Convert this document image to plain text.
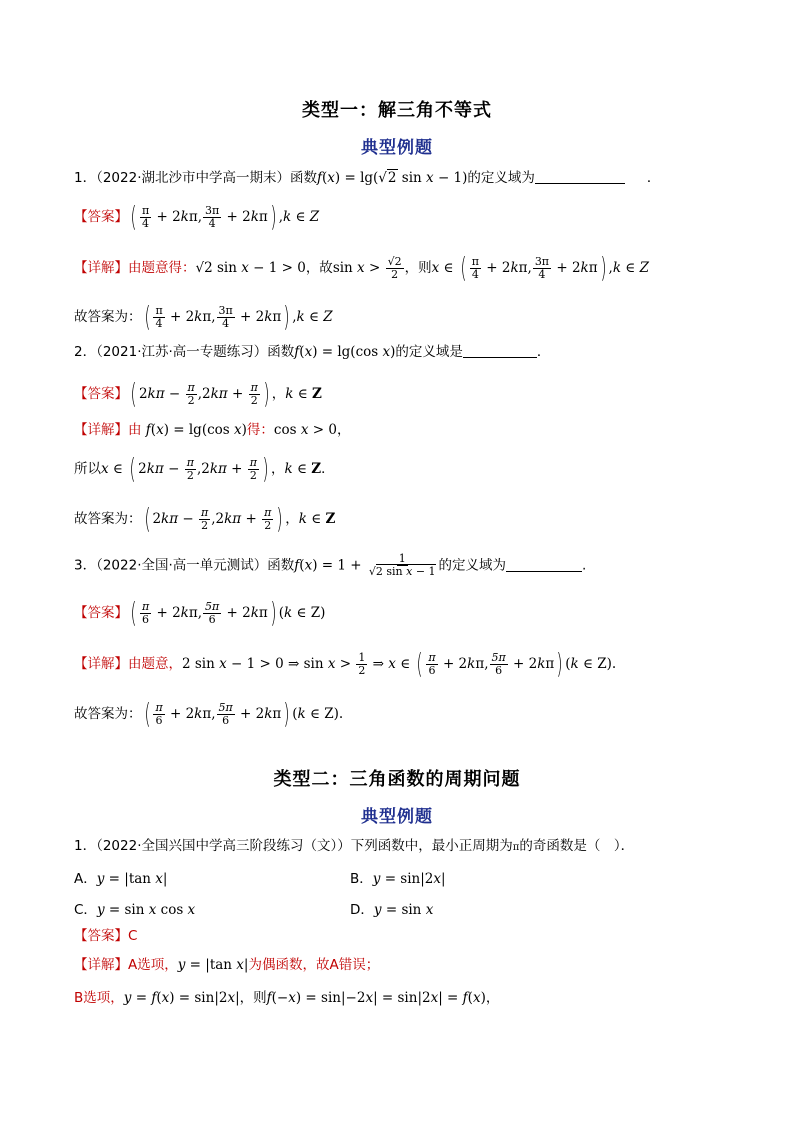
类型一：解三角不等式
典型例题
1．（2022·湖北沙市中学高一期末）函数f(x) = lg(√2 sin x − 1)的定义域为	．
【答案】( $\frac{\pi}{4} + 2k\pi$, $\frac{3\pi}{4} + 2k\pi$) ,k ∈ Z
【详解】由题意得：√2 sin x − 1 > 0，故$\sin x > \frac{√2}{2}$ ，则x ∈ ( $\frac{\pi}{4} + 2k\pi$, $\frac{3\pi}{4} + 2k\pi$) ,k ∈ Z
故答案为：( $\frac{\pi}{4} + 2k\pi$, $\frac{3\pi}{4} + 2k\pi$) ,k ∈ Z
2．（2021·江苏·高一专题练习）函数f(x) = lg(cos x)的定义域是	．
【答案】( $2k\pi - \frac{\pi}{2} ,2k\pi + \frac{\pi}{2}$ ) ，k ∈ Z
【详解】由 f(x) = lg(cos x)得：cos x > 0，
所以x ∈ ( $2k\pi - \frac{\pi}{2} ,2k\pi + \frac{\pi}{2}$ ) ，k ∈ Z．
故答案为：( $2k\pi - \frac{\pi}{2} ,2k\pi + \frac{\pi}{2}$ ) ，k ∈ Z
3．（2022·全国·高一单元测试）函数$f(x) = 1 + \frac{1}{\text{√2 sin x − 1}}$ 的定义域为	.
【答案】( $\frac{\pi}{6} + 2k\pi$, $\frac{5\pi}{6} + 2k\pi$) (k ∈ Z)
【详解】由题意，2 sin x − 1 > 0 ⇒ $\sin x > \frac{1}{2}$ ⇒ x ∈ ( $\frac{\pi}{6} + 2k\pi$, $\frac{5\pi}{6} + 2k\pi$) (k ∈ Z).
故答案为：( $\frac{\pi}{6} + 2k\pi$, $\frac{5\pi}{6} + 2k\pi$) (k ∈ Z).
类型二：三角函数的周期问题
典型例题
1．（2022·全国兴国中学高三阶段练习（文））下列函数中，最小正周期为π的奇函数是（　）．
A．y = |tan x|	B．y = sin|2x|
C．y = sin x cos x	D．y = sin x
【答案】C
【详解】A选项，y = |tan x|为偶函数，故A错误；
B选项，y = f(x) = sin|2x|，则f(−x) = sin|−2x| = sin|2x| = f(x)，
